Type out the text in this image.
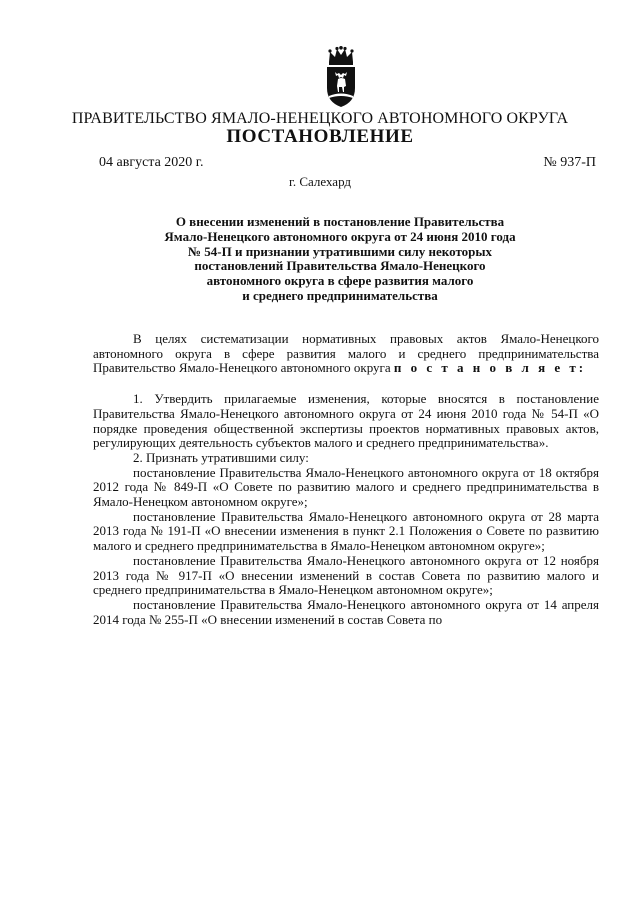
ПРАВИТЕЛЬСТВО ЯМАЛО-НЕНЕЦКОГО АВТОНОМНОГО ОКРУГА
ПОСТАНОВЛЕНИЕ
04 августа 2020 г.	№ 937-П
г. Салехард
О внесении изменений в постановление Правительства
Ямало-Ненецкого автономного округа от 24 июня 2010 года
№ 54-П и признании утратившими силу некоторых
постановлений Правительства Ямало-Ненецкого
автономного округа в сфере развития малого
и среднего предпринимательства

В целях систематизации нормативных правовых актов Ямало-Ненецкого автономного округа в сфере развития малого и среднего предпринимательства Правительство Ямало-Ненецкого автономного округа п о с т а н о в л я е т:

1. Утвердить прилагаемые изменения, которые вносятся в постановление Правительства Ямало-Ненецкого автономного округа от 24 июня 2010 года № 54-П «О порядке проведения общественной экспертизы проектов нормативных правовых актов, регулирующих деятельность субъектов малого и среднего предпринимательства».

2. Признать утратившими силу:

постановление Правительства Ямало-Ненецкого автономного округа от 18 октября 2012 года № 849-П «О Совете по развитию малого и среднего предпринимательства в Ямало-Ненецком автономном округе»;

постановление Правительства Ямало-Ненецкого автономного округа от 28 марта 2013 года № 191-П «О внесении изменения в пункт 2.1 Положения о Совете по развитию малого и среднего предпринимательства в Ямало-Ненецком автономном округе»;

постановление Правительства Ямало-Ненецкого автономного округа от 12 ноября 2013 года № 917-П «О внесении изменений в состав Совета по развитию малого и среднего предпринимательства в Ямало-Ненецком автономном округе»;

постановление Правительства Ямало-Ненецкого автономного округа от 14 апреля 2014 года № 255-П «О внесении изменений в состав Совета по
